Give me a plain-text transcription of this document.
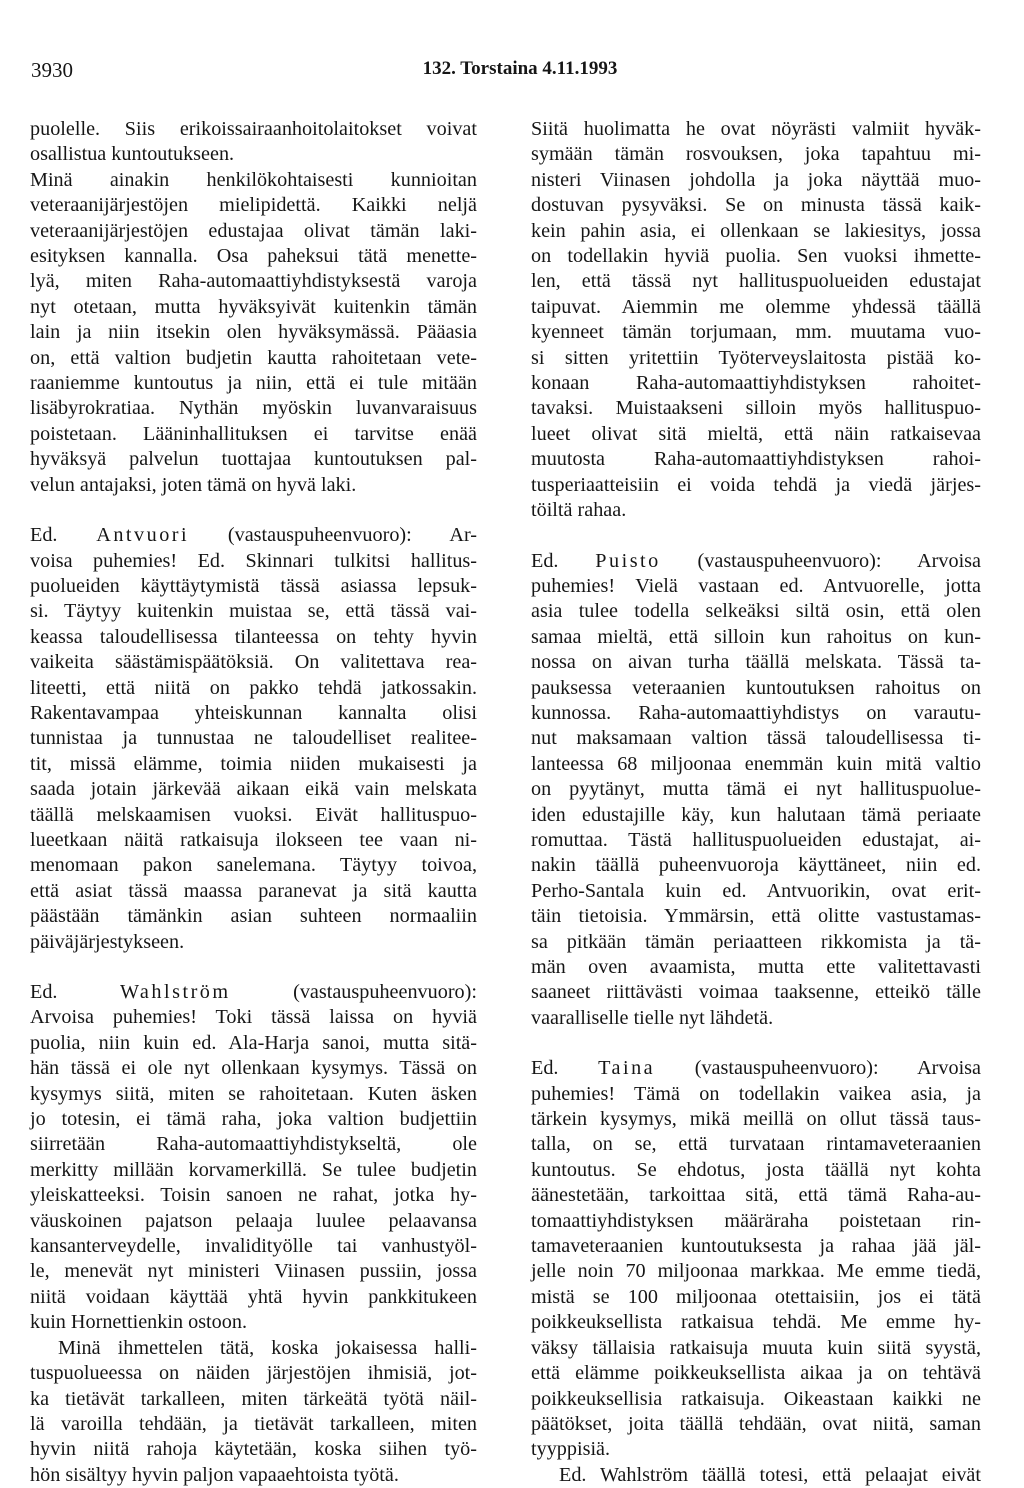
3930	132. Torstaina 4.11.1993
puolelle. Siis erikoissairaanhoitolaitokset voivat
osallistua kuntoutukseen.
Minä ainakin henkilökohtaisesti kunnioitan
veteraanijärjestöjen mielipidettä. Kaikki neljä
veteraanijärjestöjen edustajaa olivat tämän laki-
esityksen kannalla. Osa paheksui tätä menette-
lyä, miten Raha-automaattiyhdistyksestä varoja
nyt otetaan, mutta hyväksyivät kuitenkin tämän
lain ja niin itsekin olen hyväksymässä. Pääasia
on, että valtion budjetin kautta rahoitetaan vete-
raaniemme kuntoutus ja niin, että ei tule mitään
lisäbyrokratiaa. Nythän myöskin luvanvaraisuus
poistetaan. Lääninhallituksen ei tarvitse enää
hyväksyä palvelun tuottajaa kuntoutuksen pal-
velun antajaksi, joten tämä on hyvä laki.
Ed. Antvuori (vastauspuheenvuoro): Ar-
voisa puhemies! Ed. Skinnari tulkitsi hallitus-
puolueiden käyttäytymistä tässä asiassa lepsuk-
si. Täytyy kuitenkin muistaa se, että tässä vai-
keassa taloudellisessa tilanteessa on tehty hyvin
vaikeita säästämispäätöksiä. On valitettava rea-
liteetti, että niitä on pakko tehdä jatkossakin.
Rakentavampaa yhteiskunnan kannalta olisi
tunnistaa ja tunnustaa ne taloudelliset realitee-
tit, missä elämme, toimia niiden mukaisesti ja
saada jotain järkevää aikaan eikä vain melskata
täällä melskaamisen vuoksi. Eivät hallituspuo-
lueetkaan näitä ratkaisuja ilokseen tee vaan ni-
menomaan pakon sanelemana. Täytyy toivoa,
että asiat tässä maassa paranevat ja sitä kautta
päästään tämänkin asian suhteen normaaliin
päiväjärjestykseen.
Ed.	Wahlström	(vastauspuheenvuoro):
Arvoisa puhemies! Toki tässä laissa on hyviä
puolia, niin kuin ed. Ala-Harja sanoi, mutta sitä-
hän tässä ei ole nyt ollenkaan kysymys. Tässä on
kysymys siitä, miten se rahoitetaan. Kuten äsken
jo totesin, ei tämä raha, joka valtion budjettiin
siirretään Raha-automaattiyhdistykseltä, ole
merkitty millään korvamerkillä. Se tulee budjetin
yleiskatteeksi. Toisin sanoen ne rahat, jotka hy-
väuskoinen pajatson pelaaja luulee pelaavansa
kansanterveydelle, invalidityölle tai vanhustyöl-
le, menevät nyt ministeri Viinasen pussiin, jossa
niitä voidaan käyttää yhtä hyvin pankkitukeen
kuin Hornettienkin ostoon.
Minä ihmettelen tätä, koska jokaisessa halli-
tuspuolueessa on näiden järjestöjen ihmisiä, jot-
ka tietävät tarkalleen, miten tärkeätä työtä näil-
lä varoilla tehdään, ja tietävät tarkalleen, miten
hyvin niitä rahoja käytetään, koska siihen työ-
hön sisältyy hyvin paljon vapaaehtoista työtä.
Siitä huolimatta he ovat nöyrästi valmiit hyväk-
symään tämän rosvouksen, joka tapahtuu mi-
nisteri Viinasen johdolla ja joka näyttää muo-
dostuvan pysyväksi. Se on minusta tässä kaik-
kein pahin asia, ei ollenkaan se lakiesitys, jossa
on todellakin hyviä puolia. Sen vuoksi ihmette-
len, että tässä nyt hallituspuolueiden edustajat
taipuvat. Aiemmin me olemme yhdessä täällä
kyenneet tämän torjumaan, mm. muutama vuo-
si sitten yritettiin Työterveyslaitosta pistää ko-
konaan Raha-automaattiyhdistyksen rahoitet-
tavaksi. Muistaakseni silloin myös hallituspuo-
lueet olivat sitä mieltä, että näin ratkaisevaa
muutosta Raha-automaattiyhdistyksen rahoi-
tusperiaatteisiin ei voida tehdä ja viedä järjes-
töiltä rahaa.
Ed. Puisto (vastauspuheenvuoro): Arvoisa
puhemies! Vielä vastaan ed. Antvuorelle, jotta
asia tulee todella selkeäksi siltä osin, että olen
samaa mieltä, että silloin kun rahoitus on kun-
nossa on aivan turha täällä melskata. Tässä ta-
pauksessa veteraanien kuntoutuksen rahoitus on
kunnossa. Raha-automaattiyhdistys on varautu-
nut maksamaan valtion tässä taloudellisessa ti-
lanteessa 68 miljoonaa enemmän kuin mitä valtio
on pyytänyt, mutta tämä ei nyt hallituspuolue-
iden edustajille käy, kun halutaan tämä periaate
romuttaa. Tästä hallituspuolueiden edustajat, ai-
nakin täällä puheenvuoroja käyttäneet, niin ed.
Perho-Santala kuin ed. Antvuorikin, ovat erit-
täin tietoisia. Ymmärsin, että olitte vastustamas-
sa pitkään tämän periaatteen rikkomista ja tä-
män oven avaamista, mutta ette valitettavasti
saaneet riittävästi voimaa taaksenne, etteikö tälle
vaaralliselle tielle nyt lähdetä.
Ed. Taina (vastauspuheenvuoro): Arvoisa
puhemies! Tämä on todellakin vaikea asia, ja
tärkein kysymys, mikä meillä on ollut tässä taus-
talla, on se, että turvataan rintamaveteraanien
kuntoutus. Se ehdotus, josta täällä nyt kohta
äänestetään, tarkoittaa sitä, että tämä Raha-au-
tomaattiyhdistyksen määräraha poistetaan rin-
tamaveteraanien kuntoutuksesta ja rahaa jää jäl-
jelle noin 70 miljoonaa markkaa. Me emme tiedä,
mistä se 100 miljoonaa otettaisiin, jos ei tätä
poikkeuksellista ratkaisua tehdä. Me emme hy-
väksy tällaisia ratkaisuja muuta kuin siitä syystä,
että elämme poikkeuksellista aikaa ja on tehtävä
poikkeuksellisia ratkaisuja. Oikeastaan kaikki ne
päätökset, joita täällä tehdään, ovat niitä, saman
tyyppisiä.
Ed. Wahlström täällä totesi, että pelaajat eivät
